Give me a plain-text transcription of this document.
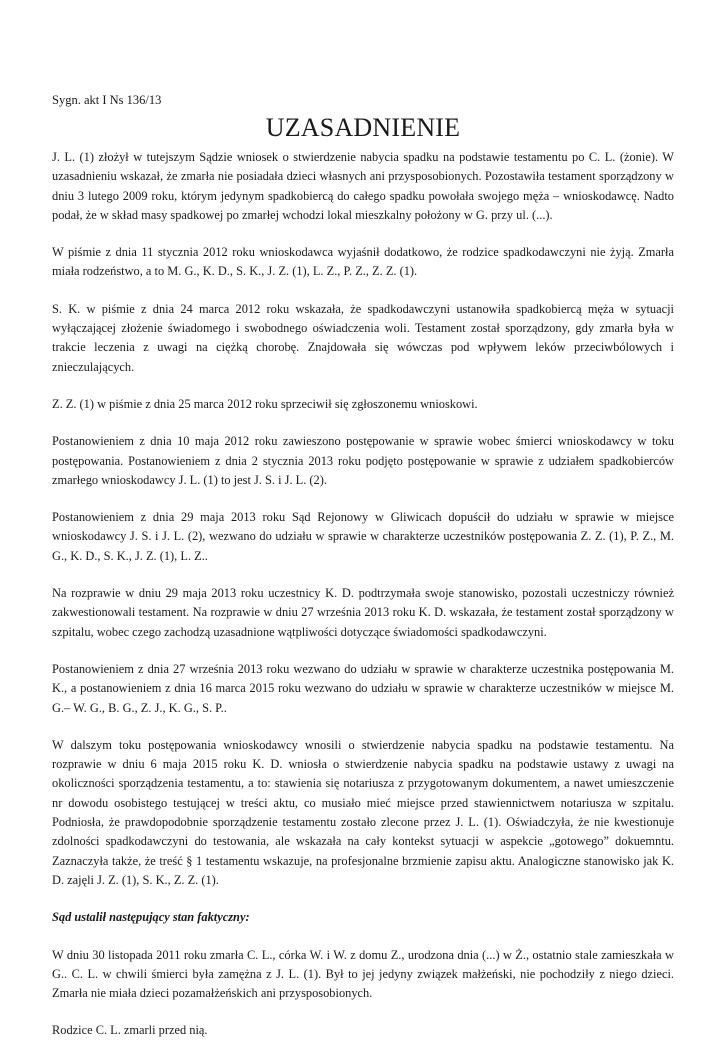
Sygn. akt I Ns 136/13
UZASADNIENIE

J. L. (1) złożył w tutejszym Sądzie wniosek o stwierdzenie nabycia spadku na podstawie testamentu po C. L. (żonie). W uzasadnieniu wskazał, że zmarła nie posiadała dzieci własnych ani przysposobionych. Pozostawiła testament sporządzony w dniu 3 lutego 2009 roku, którym jedynym spadkobiercą do całego spadku powołała swojego męża – wnioskodawcę. Nadto podał, że w skład masy spadkowej po zmarłej wchodzi lokal mieszkalny położony w G. przy ul. (...).

W piśmie z dnia 11 stycznia 2012 roku wnioskodawca wyjaśnił dodatkowo, że rodzice spadkodawczyni nie żyją. Zmarła miała rodzeństwo, a to M. G., K. D., S. K., J. Z. (1), L. Z., P. Z., Z. Z. (1).

S. K. w piśmie z dnia 24 marca 2012 roku wskazała, że spadkodawczyni ustanowiła spadkobiercą męża w sytuacji wyłączającej złożenie świadomego i swobodnego oświadczenia woli. Testament został sporządzony, gdy zmarła była w trakcie leczenia z uwagi na ciężką chorobę. Znajdowała się wówczas pod wpływem leków przeciwbólowych i znieczulających.

Z. Z. (1) w piśmie z dnia 25 marca 2012 roku sprzeciwił się zgłoszonemu wnioskowi.

Postanowieniem z dnia 10 maja 2012 roku zawieszono postępowanie w sprawie wobec śmierci wnioskodawcy w toku postępowania. Postanowieniem z dnia 2 stycznia 2013 roku podjęto postępowanie w sprawie z udziałem spadkobierców zmarłego wnioskodawcy J. L. (1) to jest J. S. i J. L. (2).

Postanowieniem z dnia 29 maja 2013 roku Sąd Rejonowy w Gliwicach dopuścił do udziału w sprawie w miejsce wnioskodawcy J. S. i J. L. (2), wezwano do udziału w sprawie w charakterze uczestników postępowania Z. Z. (1), P. Z., M. G., K. D., S. K., J. Z. (1), L. Z..

Na rozprawie w dniu 29 maja 2013 roku uczestnicy K. D. podtrzymała swoje stanowisko, pozostali uczestniczy również zakwestionowali testament. Na rozprawie w dniu 27 września 2013 roku K. D. wskazała, że testament został sporządzony w szpitalu, wobec czego zachodzą uzasadnione wątpliwości dotyczące świadomości spadkodawczyni.

Postanowieniem z dnia 27 września 2013 roku wezwano do udziału w sprawie w charakterze uczestnika postępowania M. K., a postanowieniem z dnia 16 marca 2015 roku wezwano do udziału w sprawie w charakterze uczestników w miejsce M. G.– W. G., B. G., Z. J., K. G., S. P..

W dalszym toku postępowania wnioskodawcy wnosili o stwierdzenie nabycia spadku na podstawie testamentu. Na rozprawie w dniu 6 maja 2015 roku K. D. wniosła o stwierdzenie nabycia spadku na podstawie ustawy z uwagi na okoliczności sporządzenia testamentu, a to: stawienia się notariusza z przygotowanym dokumentem, a nawet umieszczenie nr dowodu osobistego testującej w treści aktu, co musiało mieć miejsce przed stawiennictwem notariusza w szpitalu. Podniosła, że prawdopodobnie sporządzenie testamentu zostało zlecone przez J. L. (1). Oświadczyła, że nie kwestionuje zdolności spadkodawczyni do testowania, ale wskazała na cały kontekst sytuacji w aspekcie „gotowego” dokuemntu. Zaznaczyła także, że treść § 1 testamentu wskazuje, na profesjonalne brzmienie zapisu aktu. Analogiczne stanowisko jak K. D. zajęli J. Z. (1), S. K., Z. Z. (1).

Sąd ustalił następujący stan faktyczny:

W dniu 30 listopada 2011 roku zmarła C. L., córka W. i W. z domu Z., urodzona dnia (...) w Ż., ostatnio stale zamieszkała w G.. C. L. w chwili śmierci była zamężna z J. L. (1). Był to jej jedyny związek małżeński, nie pochodziły z niego dzieci. Zmarła nie miała dzieci pozamałżeńskich ani przysposobionych.

Rodzice C. L. zmarli przed nią.
